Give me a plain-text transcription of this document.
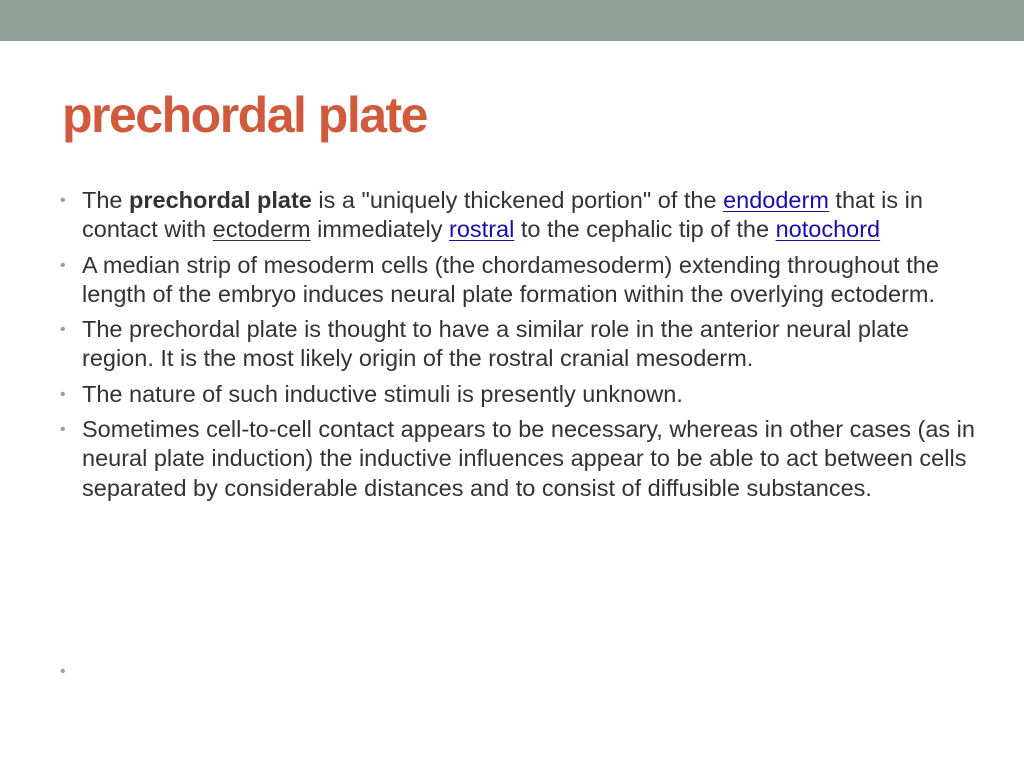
prechordal plate
• The prechordal plate is a "uniquely thickened portion" of the endoderm that is in contact with ectoderm immediately rostral to the cephalic tip of the notochord
• A median strip of mesoderm cells (the chordamesoderm) extending throughout the length of the embryo induces neural plate formation within the overlying ectoderm.
• The prechordal plate is thought to have a similar role in the anterior neural plate region. It is the most likely origin of the rostral cranial mesoderm.
• The nature of such inductive stimuli is presently unknown.
• Sometimes cell-to-cell contact appears to be necessary, whereas in other cases (as in neural plate induction) the inductive influences appear to be able to act between cells separated by considerable distances and to consist of diffusible substances.
•
